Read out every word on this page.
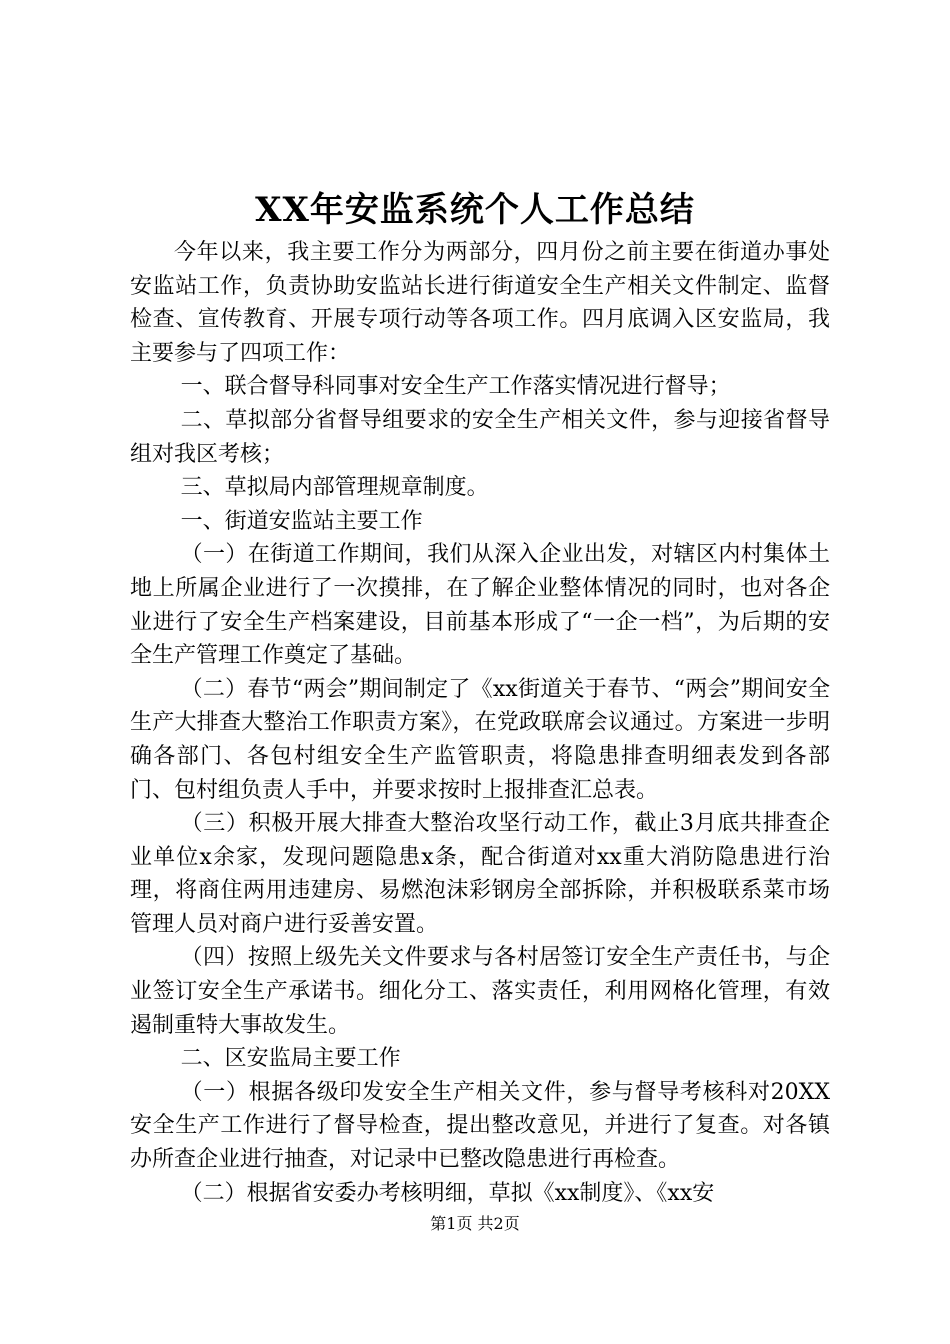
XX年安监系统个人工作总结

今年以来，我主要工作分为两部分，四月份之前主要在街道办事处安监站工作，负责协助安监站长进行街道安全生产相关文件制定、监督检查、宣传教育、开展专项行动等各项工作。四月底调入区安监局，我主要参与了四项工作：

一、联合督导科同事对安全生产工作落实情况进行督导；

二、草拟部分省督导组要求的安全生产相关文件，参与迎接省督导组对我区考核；

三、草拟局内部管理规章制度。

一、街道安监站主要工作

（一）在街道工作期间，我们从深入企业出发，对辖区内村集体土地上所属企业进行了一次摸排，在了解企业整体情况的同时，也对各企业进行了安全生产档案建设，目前基本形成了“一企一档”，为后期的安全生产管理工作奠定了基础。

（二）春节“两会”期间制定了《xx街道关于春节、“两会”期间安全生产大排查大整治工作职责方案》，在党政联席会议通过。方案进一步明确各部门、各包村组安全生产监管职责，将隐患排查明细表发到各部门、包村组负责人手中，并要求按时上报排查汇总表。

（三）积极开展大排查大整治攻坚行动工作，截止3月底共排查企业单位x余家，发现问题隐患x条，配合街道对xx重大消防隐患进行治理，将商住两用违建房、易燃泡沫彩钢房全部拆除，并积极联系菜市场管理人员对商户进行妥善安置。

（四）按照上级先关文件要求与各村居签订安全生产责任书，与企业签订安全生产承诺书。细化分工、落实责任，利用网格化管理，有效遏制重特大事故发生。

二、区安监局主要工作

（一）根据各级印发安全生产相关文件，参与督导考核科对20XX安全生产工作进行了督导检查，提出整改意见，并进行了复查。对各镇办所查企业进行抽查，对记录中已整改隐患进行再检查。

（二）根据省安委办考核明细，草拟《xx制度》、《xx安

第1页 共2页
